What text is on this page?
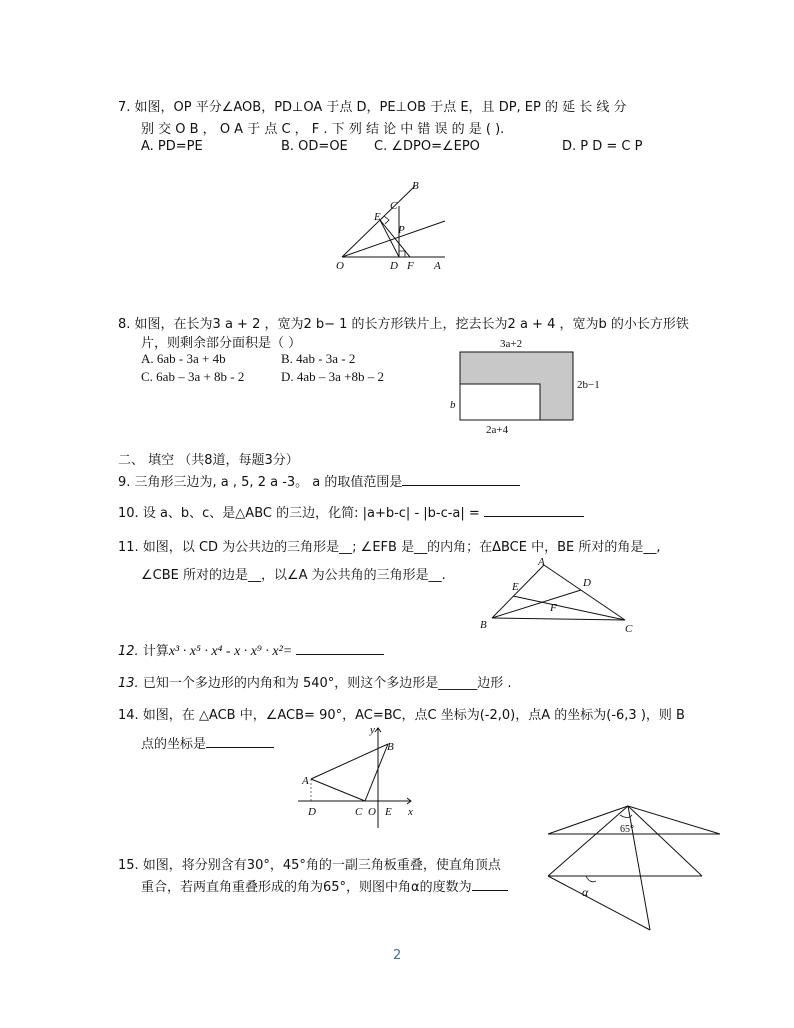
7. 如图，OP 平分∠AOB，PD⊥OA 于点 D，PE⊥OB 于点 E，且 DP, EP 的 延 长 线 分
别 交 O B ， O A 于 点 C ， F . 下 列 结 论 中 错 误 的 是 ( ).
A. PD=PE	B. OD=OE C. ∠DPO=∠EPO	D. P D = C P
B
C
E
P
O	D F A
8. 如图，在长为3 a + 2 ，宽为2 b− 1 的长方形铁片上，挖去长为2 a + 4 ，宽为b 的小长方形铁
片，则剩余部分面积是（ ）
A. 6ab - 3a + 4b	B. 4ab - 3a - 2
C. 6ab – 3a + 8b - 2	D. 4ab – 3a +8b – 2
3a+2
2b−1
b
2a+4
二、 填空 （共8道，每题3分）
9. 三角形三边为, a , 5, 2 a -3。 a 的取值范围是
10. 设 a、b、c、是△ABC 的三边，化简: |a+b-c| - |b-c-a| =
11. 如图，以 CD 为公共边的三角形是__; ∠EFB 是__的内角；在ΔBCE 中，BE 所对的角是__,
∠CBE 所对的边是__，以∠A 为公共角的三角形是__.
A
E	D
F
B	C
12. 计算x³ · x⁵ · x⁴ - x · x⁹ · x²=
13. 已知一个多边形的内角和为 540°，则这个多边形是______边形 .
14. 如图，在 △ACB 中，∠ACB= 90°，AC=BC，点C 坐标为(-2,0)，点A 的坐标为(-6,3 )，则 B
点的坐标是
y
B
A
D	C O E x
15. 如图，将分别含有30°，45°角的一副三角板重叠，使直角顶点
重合，若两直角重叠形成的角为65°，则图中角α的度数为
65°
α
2
